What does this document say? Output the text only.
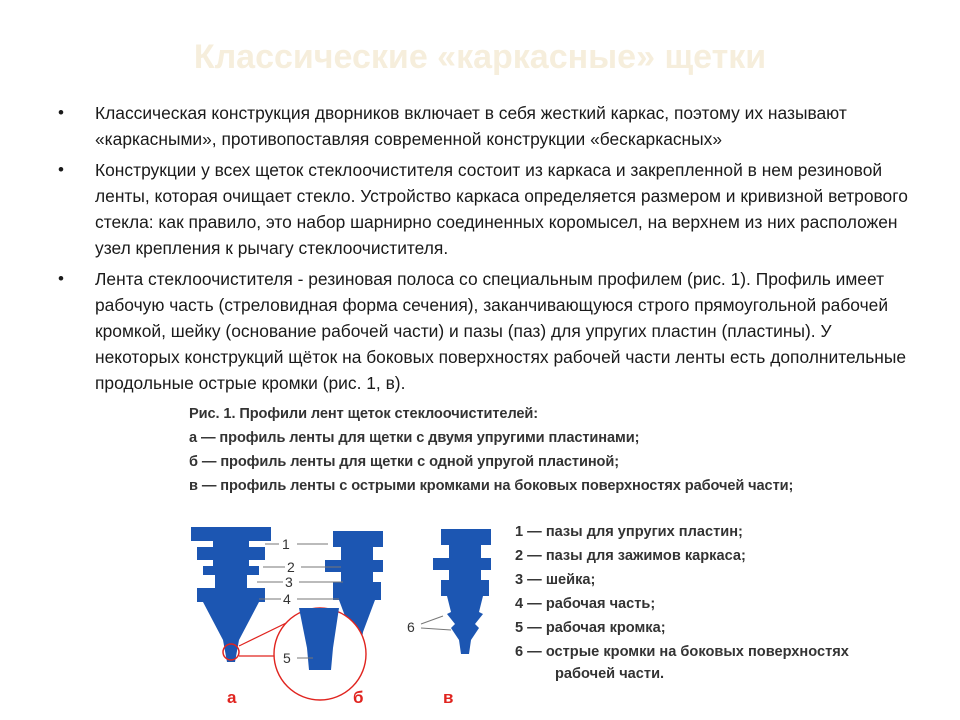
Классические «каркасные» щетки
• Классическая конструкция дворников включает в себя жесткий каркас, поэтому их называют «каркасными», противопоставляя современной конструкции «бескаркасных»
• Конструкции у всех щеток стеклоочистителя состоит из каркаса и закрепленной в нем резиновой ленты, которая очищает стекло. Устройство каркаса определяется размером и кривизной ветрового стекла: как правило, это набор шарнирно соединенных коромысел, на верхнем из них расположен узел крепления к рычагу стеклоочистителя.
• Лента стеклоочистителя - резиновая полоса со специальным профилем (рис. 1). Профиль имеет рабочую часть (стреловидная форма сечения), заканчивающуюся строго прямоугольной рабочей кромкой, шейку (основание рабочей части) и пазы (паз) для упругих пластин (пластины). У некоторых конструкций щёток на боковых поверхностях рабочей части ленты есть дополнительные продольные острые кромки (рис. 1, в).
Рис. 1. Профили лент щеток стеклоочистителей:
а — профиль ленты для щетки с двумя упругими пластинами;
б — профиль ленты для щетки с одной упругой пластиной;
в — профиль ленты с острыми кромками на боковых поверхностях рабочей части;
1
2
3
4
5
6
а	б	в
1 — пазы для упругих пластин;
2 — пазы для зажимов каркаса;
3 — шейка;
4 — рабочая часть;
5 — рабочая кромка;
6 — острые кромки на боковых поверхностях
рабочей части.
